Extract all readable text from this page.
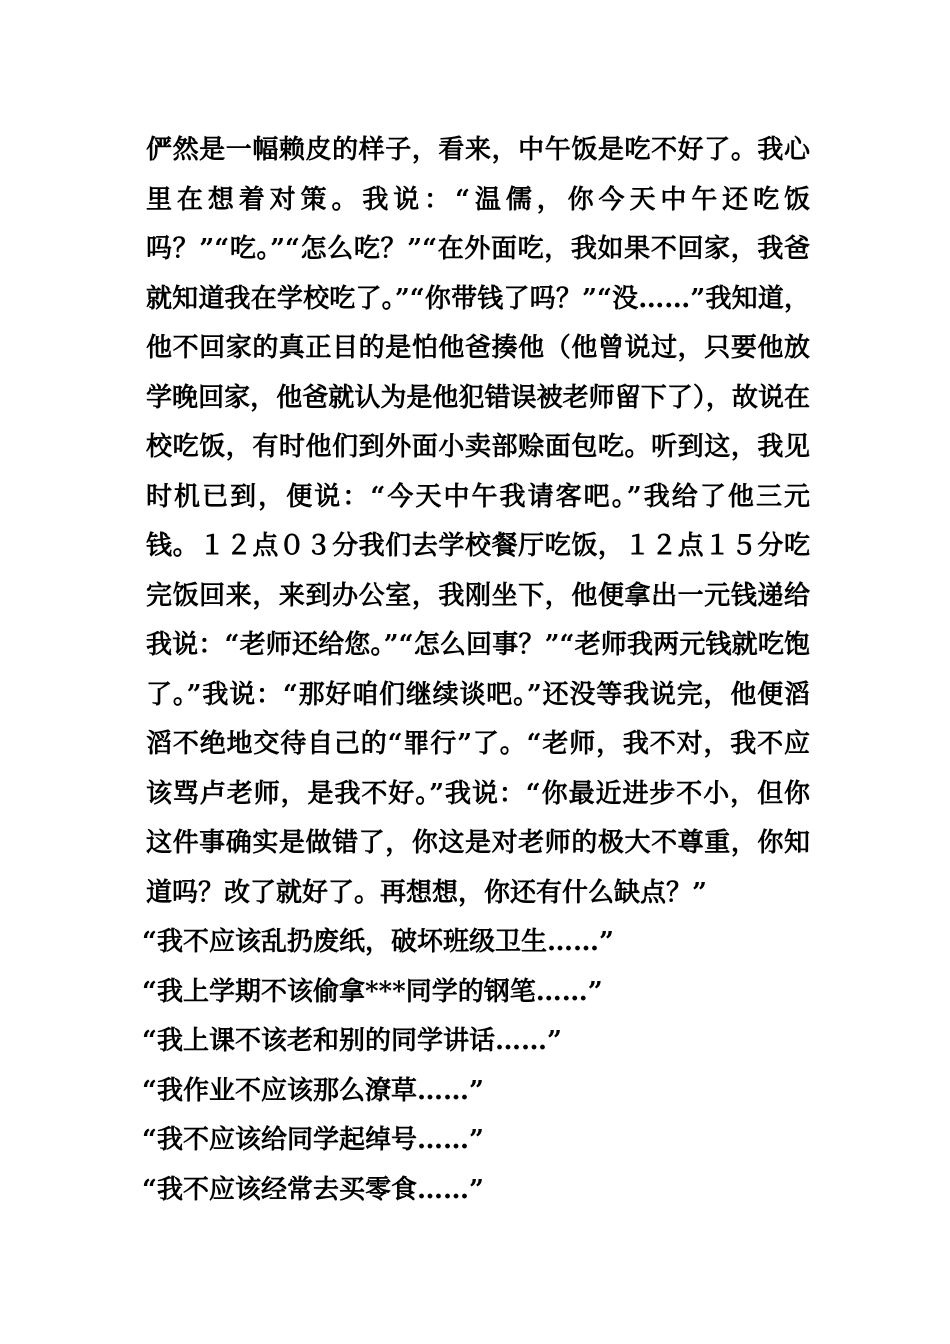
俨然是一幅赖皮的样子，看来，中午饭是吃不好了。我心里在想着对策。我说：“温儒，你今天中午还吃饭吗？”“吃。”“怎么吃？”“在外面吃，我如果不回家，我爸就知道我在学校吃了。”“你带钱了吗？”“没……”我知道，他不回家的真正目的是怕他爸揍他（他曾说过，只要他放学晚回家，他爸就认为是他犯错误被老师留下了），故说在校吃饭，有时他们到外面小卖部赊面包吃。听到这，我见时机已到，便说：“今天中午我请客吧。”我给了他三元钱。１２点０３分我们去学校餐厅吃饭，１２点１５分吃完饭回来，来到办公室，我刚坐下，他便拿出一元钱递给我说：“老师还给您。”“怎么回事？”“老师我两元钱就吃饱了。”我说：“那好咱们继续谈吧。”还没等我说完，他便滔滔不绝地交待自己的“罪行”了。“老师，我不对，我不应该骂卢老师，是我不好。”我说：“你最近进步不小，但你这件事确实是做错了，你这是对老师的极大不尊重，你知道吗？改了就好了。再想想，你还有什么缺点？”

“我不应该乱扔废纸，破坏班级卫生……”

“我上学期不该偷拿***同学的钢笔……”

“我上课不该老和别的同学讲话……”

“我作业不应该那么潦草……”

“我不应该给同学起绰号……”

“我不应该经常去买零食……”
